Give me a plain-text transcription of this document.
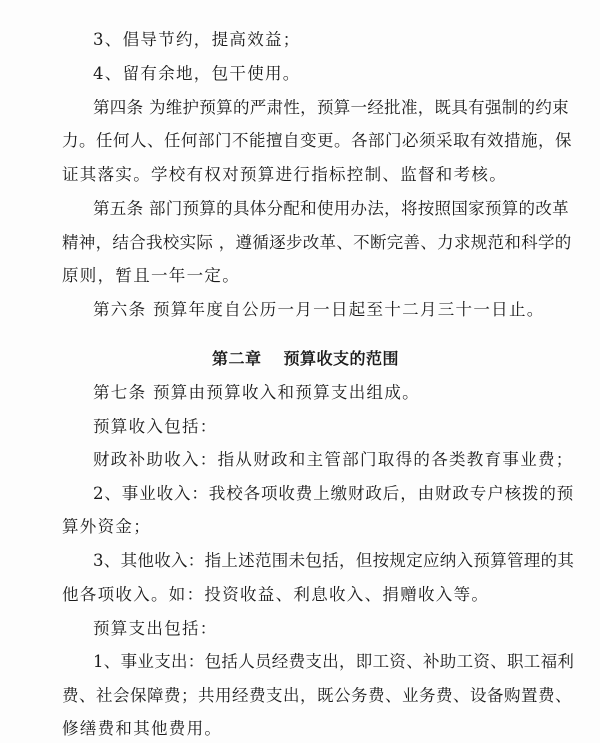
3、倡导节约，提高效益；
4、留有余地，包干使用。
第四条 为维护预算的严肃性，预算一经批准，既具有强制的约束
力。任何人、任何部门不能擅自变更。各部门必须采取有效措施，保
证其落实。学校有权对预算进行指标控制、监督和考核。
第五条 部门预算的具体分配和使用办法，将按照国家预算的改革
精神，结合我校实际 ，遵循逐步改革、不断完善、力求规范和科学的
原则，暂且一年一定。
第六条 预算年度自公历一月一日起至十二月三十一日止。
第二章 预算收支的范围
第七条 预算由预算收入和预算支出组成。
预算收入包括：
财政补助收入：指从财政和主管部门取得的各类教育事业费；
2、事业收入：我校各项收费上缴财政后，由财政专户核拨的预
算外资金；
3、其他收入：指上述范围未包括，但按规定应纳入预算管理的其
他各项收入。如：投资收益、利息收入、捐赠收入等。
预算支出包括：
1、事业支出：包括人员经费支出，即工资、补助工资、职工福利
费、社会保障费；共用经费支出，既公务费、业务费、设备购置费、
修缮费和其他费用。
